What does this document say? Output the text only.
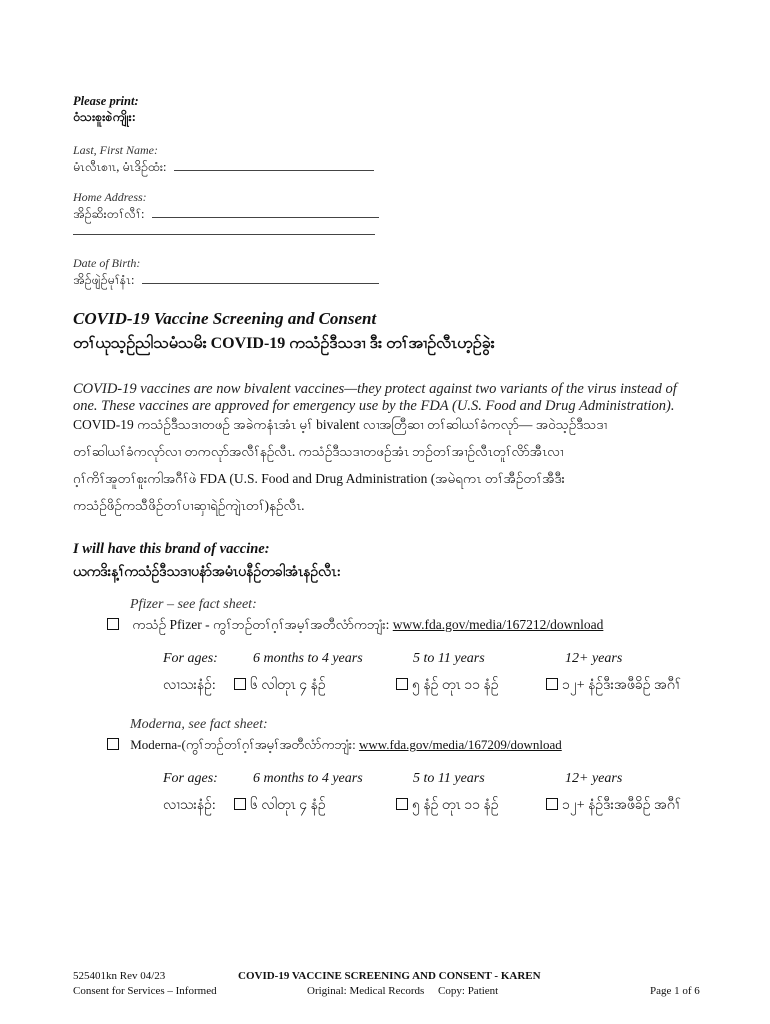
Please print:
ဝံသးစူးစဲကျိုး:
Last, First Name:
မံၤလီၤစၢၤ, မံၤဒိဉ်ထံး:
Home Address:
အိဉ်ဆိးတၢ်လီၢ်:
Date of Birth:
အိဉ်ဖျဲဉ်မုၢ်နံၤ:
COVID-19 Vaccine Screening and Consent
တၢ်ယုသ့ဉ်ညါသမံသမိး COVID-19 ကသံဉ်ဒီသဒၢ ဒီး တၢ်အၢဉ်လီၤဟ့ဉ်ခွဲး
COVID-19 vaccines are now bivalent vaccines—they protect against two variants of the virus instead of
one. These vaccines are approved for emergency use by the FDA (U.S. Food and Drug Administration).
COVID-19 ကသံဉ်ဒီသဒၢတဖဉ် အခဲကနံၤအံၤ မ့ၢ် bivalent လၢအတြီဆၢ တၢ်ဆါယၢ်ခံကလုာ်— အဝဲသ့ဉ်ဒီသဒၢ
တၢ်ဆါယၢ်ခံကလုာ်လၢ တကလုာ်အလီၢ်နဉ်လီၤ. ကသံဉ်ဒီသဒၢတဖဉ်အံၤ ဘဉ်တၢ်အၢဉ်လီၤတူၢ်လိာ်အီၤလၢ
ဂ့ၢ်ကိၢ်အူတၢ်စူးကါအဂီၢ်ဖဲ FDA (U.S. Food and Drug Administration (အမဲရကၤ တၢ်အီဉ်တၢ်အီဒီး
ကသံဉ်ဖိဉ်ကသီဖိဉ်တၢ်ပၢဆှၢရဲဉ်ကျဲၤတၢ်)နဉ်လီၤ.
I will have this brand of vaccine:
ယကဒိးန့ၢ်ကသံဉ်ဒီသဒၢပနံာ်အမံၤပနီဉ်တခါအံၤနဉ်လီၤ:
Pfizer – see fact sheet:
ကသံဉ် Pfizer - ကွၢ်ဘဉ်တၢ်ဂ့ၢ်အမ့ၢ်အတီလံာ်ကဘျံး: www.fda.gov/media/167212/download
For ages:	6 months to 4 years	5 to 11 years	12+ years
လၢသးနံဉ်:	၆ လါတုၤ ၄ နံဉ်	၅ နံဉ် တုၤ ၁၁ နံဉ်	၁၂+ နံဉ်ဒီးအဖီခိဉ် အဂီၢ်
Moderna, see fact sheet:
Moderna-(ကွၢ်ဘဉ်တၢ်ဂ့ၢ်အမ့ၢ်အတီလံာ်ကဘျံး: www.fda.gov/media/167209/download
For ages:	6 months to 4 years	5 to 11 years	12+ years
လၢသးနံဉ်:	၆ လါတုၤ ၄ နံဉ်	၅ နံဉ် တုၤ ၁၁ နံဉ်	၁၂+ နံဉ်ဒီးအဖီခိဉ် အဂီၢ်
525401kn Rev 04/23
Consent for Services – Informed
COVID-19 VACCINE SCREENING AND CONSENT - KAREN
Original: Medical Records     Copy: Patient	Page 1 of 6
